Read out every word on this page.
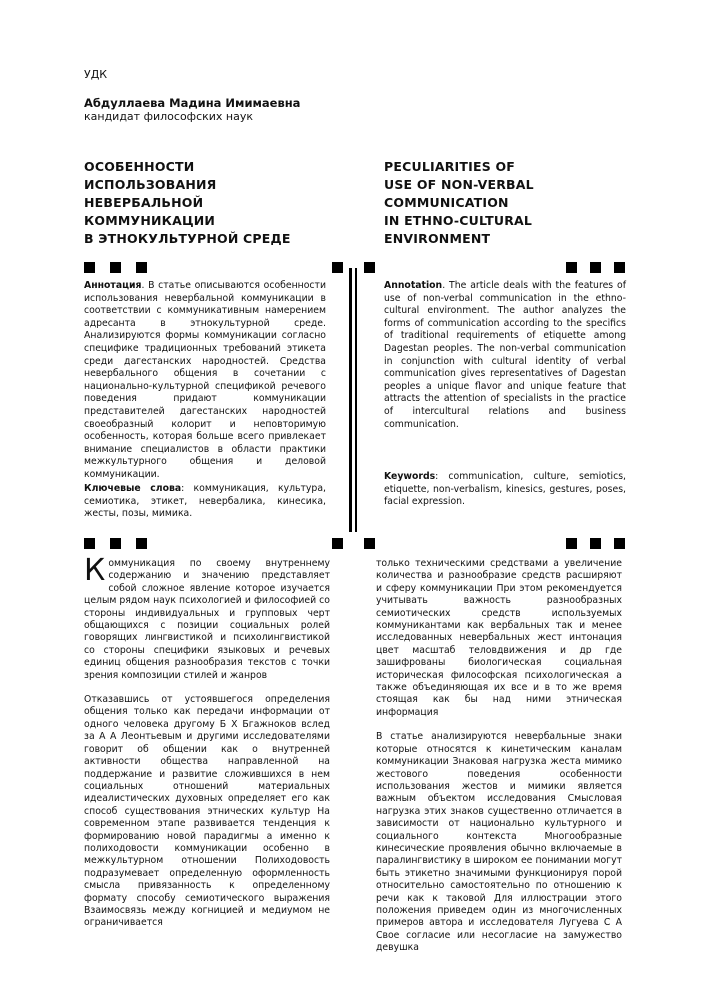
УДК
Абдуллаева Мадина Имимаевна
кандидат философских наук
ОСОБЕННОСТИ
ИСПОЛЬЗОВАНИЯ
НЕВЕРБАЛЬНОЙ
КОММУНИКАЦИИ
В ЭТНОКУЛЬТУРНОЙ СРЕДЕ
PECULIARITIES OF
USE OF NON-VERBAL
COMMUNICATION
IN ETHNO-CULTURAL
ENVIRONMENT
Аннотация. В статье описываются особенности использования невербальной коммуникации в соответствии с коммуникативным намерением адресанта в этнокультурной среде. Анализируются формы коммуникации согласно специфике традиционных требований этикета среди дагестанских народностей. Средства невербального общения в сочетании с национально-культурной спецификой речевого поведения придают коммуникации представителей дагестанских народностей своеобразный колорит и неповторимую особенность, которая больше всего привлекает внимание специалистов в области практики межкультурного общения и деловой коммуникации.
Ключевые слова: коммуникация, культура, семиотика, этикет, невербалика, кинесика, жесты, позы, мимика.
Annotation. The article deals with the features of use of non-verbal communication in the ethno-cultural environment. The author analyzes the forms of communication according to the specifics of traditional requirements of etiquette among Dagestan peoples. The non-verbal communication in conjunction with cultural identity of verbal communication gives representatives of Dagestan peoples a unique flavor and unique feature that attracts the attention of specialists in the practice of intercultural relations and business communication.
Keywords: communication, culture, semiotics, etiquette, non-verbalism, kinesics, gestures, poses, facial expression.

Коммуникация по своему внутреннему содержанию и значению представляет собой сложное явление которое изучается целым рядом наук психологией и философией со стороны индивидуальных и групповых черт общающихся с позиции социальных ролей говорящих лингвистикой и психолингвистикой со стороны специфики языковых и речевых единиц общения разнообразия текстов с точки зрения композиции стилей и жанров

Отказавшись от устоявшегося определения общения только как передачи информации от одного человека другому Б Х Бгажноков вслед за А А Леонтьевым и другими исследователями говорит об общении как о внутренней активности общества направленной на поддержание и развитие сложившихся в нем социальных отношений материальных идеалистических духовных определяет его как способ существования этнических культур На современном этапе развивается тенденция к формированию новой парадигмы а именно к полиходовости коммуникации особенно в межкультурном отношении Полиходовость подразумевает определенную оформленность смысла привязанность к определенному формату способу семиотического выражения Взаимосвязь между когницией и медиумом не ограничивается

только техническими средствами а увеличение количества и разнообразие средств расширяют и сферу коммуникации При этом рекомендуется учитывать важность разнообразных семиотических средств используемых коммуникантами как вербальных так и менее исследованных невербальных жест интонация цвет масштаб теловдвижения и др где зашифрованы биологическая социальная историческая философская психологическая а также объединяющая их все и в то же время стоящая как бы над ними этническая информация

В статье анализируются невербальные знаки которые относятся к кинетическим каналам коммуникации Знаковая нагрузка жеста мимико жестового поведения особенности использования жестов и мимики является важным объектом исследования Смысловая нагрузка этих знаков существенно отличается в зависимости от национально культурного и социального контекста Многообразные кинесические проявления обычно включаемые в паралингвистику в широком ее понимании могут быть этикетно значимыми функционируя порой относительно самостоятельно по отношению к речи как к таковой Для иллюстрации этого положения приведем один из многочисленных примеров автора и исследователя Лугуева С А Свое согласие или несогласие на замужество девушка
